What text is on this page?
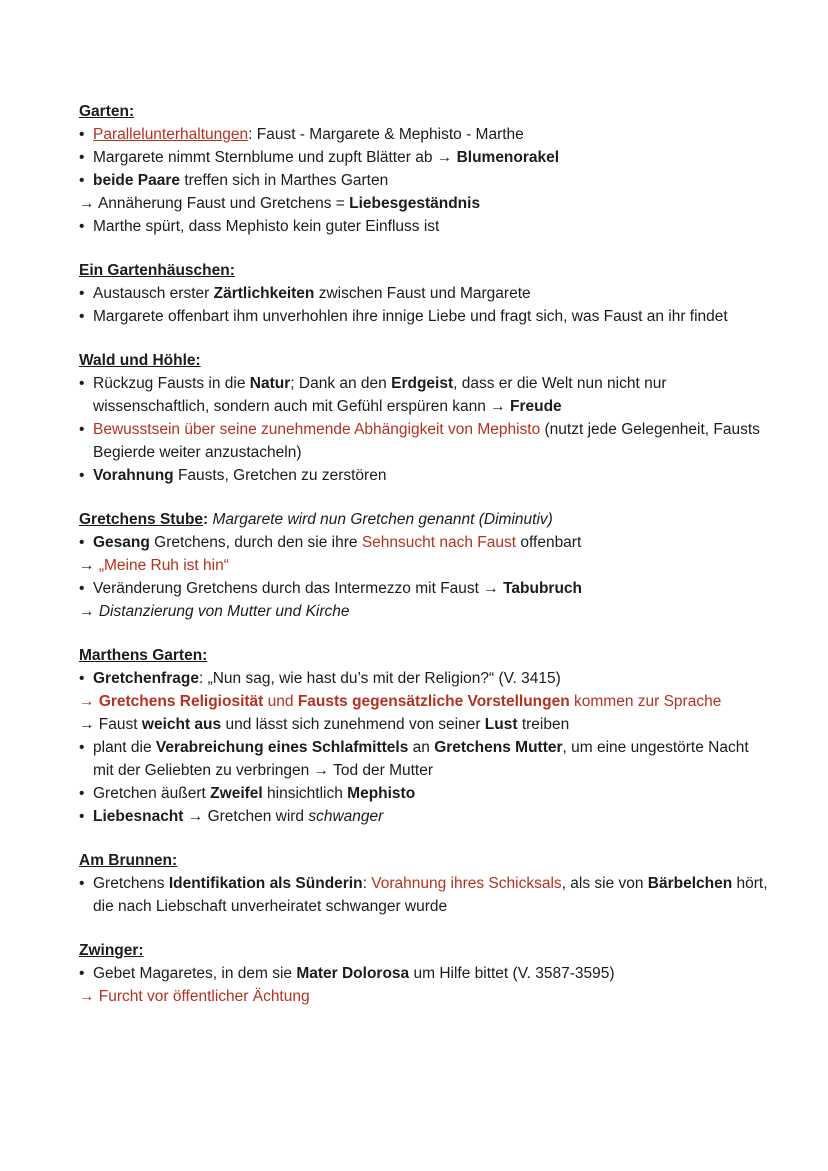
Garten:
• Parallelunterhaltungen: Faust - Margarete & Mephisto - Marthe
• Margarete nimmt Sternblume und zupft Blätter ab → Blumenorakel
• beide Paare treffen sich in Marthes Garten
→ Annäherung Faust und Gretchens = Liebesgeständnis
• Marthe spürt, dass Mephisto kein guter Einfluss ist
Ein Gartenhäuschen:
• Austausch erster Zärtlichkeiten zwischen Faust und Margarete
• Margarete offenbart ihm unverhohlen ihre innige Liebe und fragt sich, was Faust an ihr findet
Wald und Höhle:
• Rückzug Fausts in die Natur; Dank an den Erdgeist, dass er die Welt nun nicht nur wissenschaftlich, sondern auch mit Gefühl erspüren kann → Freude
• Bewusstsein über seine zunehmende Abhängigkeit von Mephisto (nutzt jede Gelegenheit, Fausts Begierde weiter anzustacheln)
• Vorahnung Fausts, Gretchen zu zerstören
Gretchens Stube: Margarete wird nun Gretchen genannt (Diminutiv)
• Gesang Gretchens, durch den sie ihre Sehnsucht nach Faust offenbart
→ „Meine Ruh ist hin“
• Veränderung Gretchens durch das Intermezzo mit Faust → Tabubruch
→ Distanzierung von Mutter und Kirche
Marthens Garten:
• Gretchenfrage: „Nun sag, wie hast du’s mit der Religion?“ (V. 3415)
→ Gretchens Religiosität und Fausts gegensätzliche Vorstellungen kommen zur Sprache
→ Faust weicht aus und lässt sich zunehmend von seiner Lust treiben
• plant die Verabreichung eines Schlafmittels an Gretchens Mutter, um eine ungestörte Nacht mit der Geliebten zu verbringen → Tod der Mutter
• Gretchen äußert Zweifel hinsichtlich Mephisto
• Liebesnacht → Gretchen wird schwanger
Am Brunnen:
• Gretchens Identifikation als Sünderin: Vorahnung ihres Schicksals, als sie von Bärbelchen hört, die nach Liebschaft unverheiratet schwanger wurde
Zwinger:
• Gebet Magaretes, in dem sie Mater Dolorosa um Hilfe bittet (V. 3587-3595)
→ Furcht vor öffentlicher Ächtung
